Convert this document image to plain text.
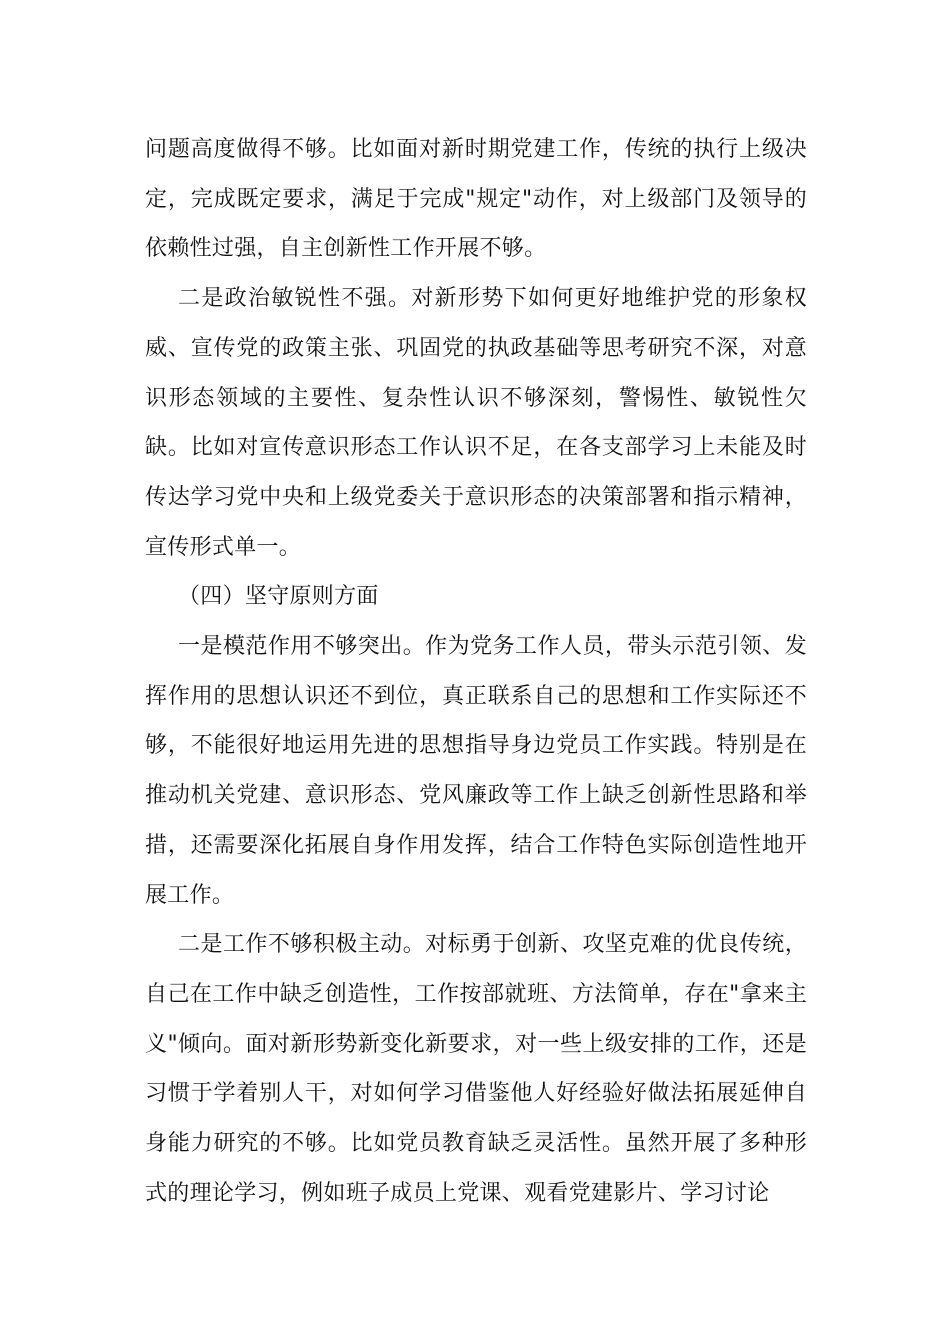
问题高度做得不够。比如面对新时期党建工作，传统的执行上级决定，完成既定要求，满足于完成"规定"动作，对上级部门及领导的依赖性过强，自主创新性工作开展不够。

二是政治敏锐性不强。对新形势下如何更好地维护党的形象权威、宣传党的政策主张、巩固党的执政基础等思考研究不深，对意识形态领域的主要性、复杂性认识不够深刻，警惕性、敏锐性欠缺。比如对宣传意识形态工作认识不足，在各支部学习上未能及时传达学习党中央和上级党委关于意识形态的决策部署和指示精神，宣传形式单一。

（四）坚守原则方面

一是模范作用不够突出。作为党务工作人员，带头示范引领、发挥作用的思想认识还不到位，真正联系自己的思想和工作实际还不够，不能很好地运用先进的思想指导身边党员工作实践。特别是在推动机关党建、意识形态、党风廉政等工作上缺乏创新性思路和举措，还需要深化拓展自身作用发挥，结合工作特色实际创造性地开展工作。

二是工作不够积极主动。对标勇于创新、攻坚克难的优良传统，自己在工作中缺乏创造性，工作按部就班、方法简单，存在"拿来主义"倾向。面对新形势新变化新要求，对一些上级安排的工作，还是习惯于学着别人干，对如何学习借鉴他人好经验好做法拓展延伸自身能力研究的不够。比如党员教育缺乏灵活性。虽然开展了多种形式的理论学习，例如班子成员上党课、观看党建影片、学习讨论
